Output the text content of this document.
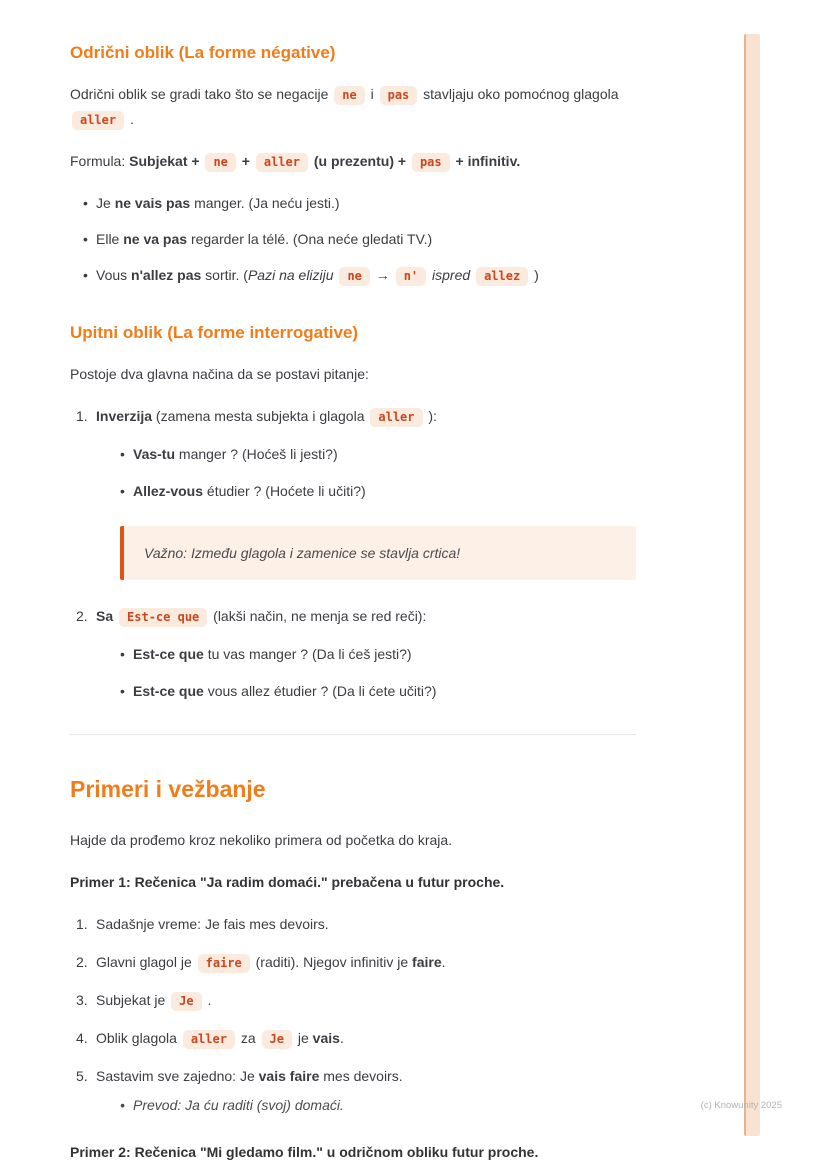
Odrični oblik (La forme négative)

Odrični oblik se gradi tako što se negacije ne i pas stavljaju oko pomoćnog glagola aller .

Formula: Subjekat + ne + aller (u prezentu) + pas + infinitiv.

• Je ne vais pas manger. (Ja neću jesti.)
• Elle ne va pas regarder la télé. (Ona neće gledati TV.)
• Vous n'allez pas sortir. (Pazi na eliziju ne → n' ispred allez )
Upitni oblik (La forme interrogative)

Postoje dva glavna načina da se postavi pitanje:

Inverzija (zamena mesta subjekta i glagola aller ):
• Vas-tu manger ? (Hoćeš li jesti?)
• Allez-vous étudier ? (Hoćete li učiti?)
Važno: Između glagola i zamenice se stavlja crtica!
Sa Est-ce que (lakši način, ne menja se red reči):
• Est-ce que tu vas manger ? (Da li ćeš jesti?)
• Est-ce que vous allez étudier ? (Da li ćete učiti?)
Primeri i vežbanje

Hajde da prođemo kroz nekoliko primera od početka do kraja.

Primer 1: Rečenica "Ja radim domaći." prebačena u futur proche.

Sadašnje vreme: Je fais mes devoirs.
Glavni glagol je faire (raditi). Njegov infinitiv je faire.
Subjekat je Je .
Oblik glagola aller za Je je vais.
Sastavim sve zajedno: Je vais faire mes devoirs.
• Prevod: Ja ću raditi (svoj) domaći.

Primer 2: Rečenica "Mi gledamo film." u odričnom obliku futur proche.

(c) Knowunity 2025
